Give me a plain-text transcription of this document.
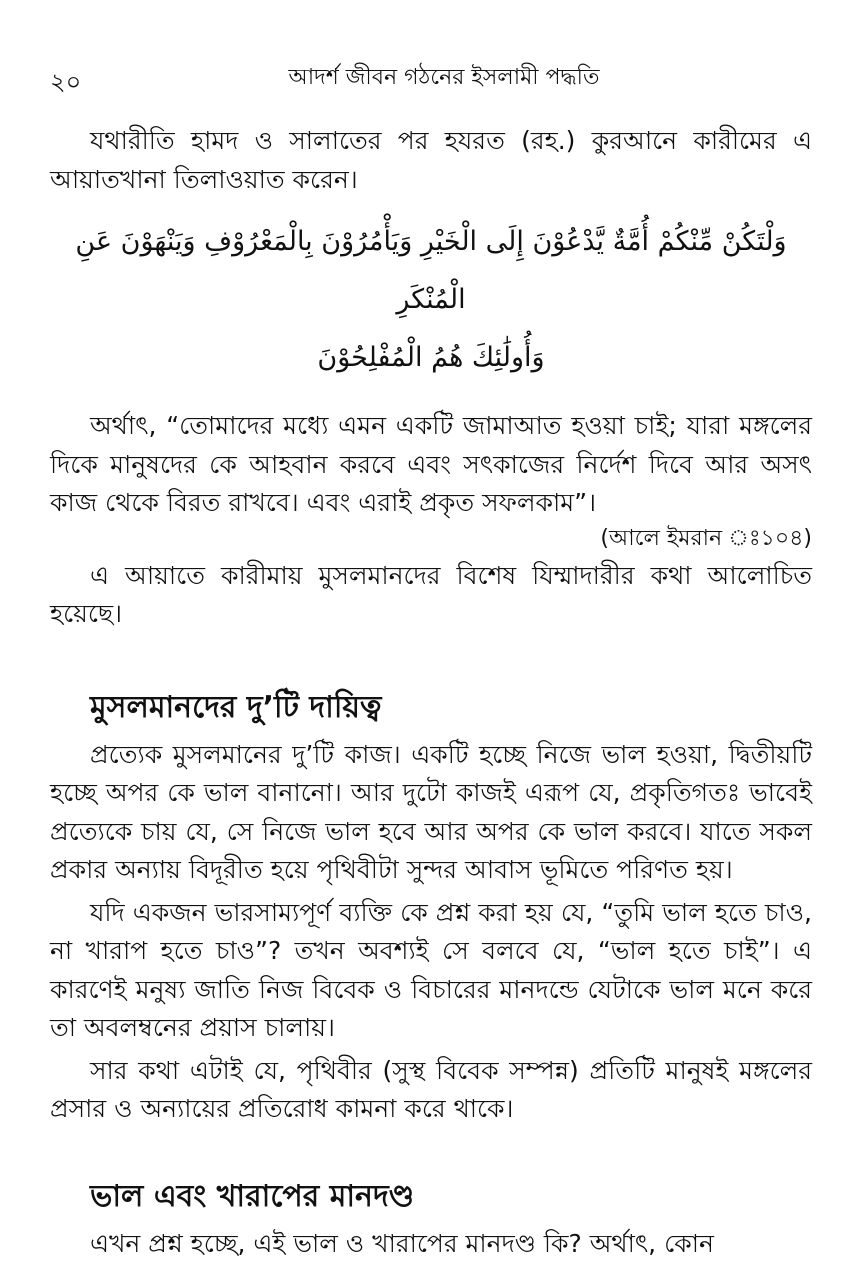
২০	আদর্শ জীবন গঠনের ইসলামী পদ্ধতি

যথারীতি হামদ ও সালাতের পর হযরত (রহ.) কুরআনে কারীমের এ আয়াতখানা তিলাওয়াত করেন।

وَلْتَكُنْ مِّنْكُمْ أُمَّةٌ يَّدْعُوْنَ إِلَى الْخَيْرِ وَيَأْمُرُوْنَ بِالْمَعْرُوْفِ وَيَنْهَوْنَ عَنِ الْمُنْكَرِ
وَأُولَٰئِكَ هُمُ الْمُفْلِحُوْنَ

অর্থাৎ, “তোমাদের মধ্যে এমন একটি জামাআত হওয়া চাই; যারা মঙ্গলের দিকে মানুষদের কে আহবান করবে এবং সৎকাজের নির্দেশ দিবে আর অসৎ কাজ থেকে বিরত রাখবে। এবং এরাই প্রকৃত সফলকাম”।

(আলে ইমরান ঃ১০৪)

এ আয়াতে কারীমায় মুসলমানদের বিশেষ যিম্মাদারীর কথা আলোচিত হয়েছে।

মুসলমানদের দু’টি দায়িত্ব

প্রত্যেক মুসলমানের দু’টি কাজ। একটি হচ্ছে নিজে ভাল হওয়া, দ্বিতীয়টি হচ্ছে অপর কে ভাল বানানো। আর দুটো কাজই এরূপ যে, প্রকৃতিগতঃ ভাবেই প্রত্যেকে চায় যে, সে নিজে ভাল হবে আর অপর কে ভাল করবে। যাতে সকল প্রকার অন্যায় বিদূরীত হয়ে পৃথিবীটা সুন্দর আবাস ভূমিতে পরিণত হয়।

যদি একজন ভারসাম্যপূর্ণ ব্যক্তি কে প্রশ্ন করা হয় যে, “তুমি ভাল হতে চাও, না খারাপ হতে চাও”? তখন অবশ্যই সে বলবে যে, “ভাল হতে চাই”। এ কারণেই মনুষ্য জাতি নিজ বিবেক ও বিচারের মানদন্ডে যেটাকে ভাল মনে করে তা অবলম্বনের প্রয়াস চালায়।

সার কথা এটাই যে, পৃথিবীর (সুস্থ বিবেক সম্পন্ন) প্রতিটি মানুষই মঙ্গলের প্রসার ও অন্যায়ের প্রতিরোধ কামনা করে থাকে।

ভাল এবং খারাপের মানদণ্ড

এখন প্রশ্ন হচ্ছে, এই ভাল ও খারাপের মানদণ্ড কি? অর্থাৎ, কোন
